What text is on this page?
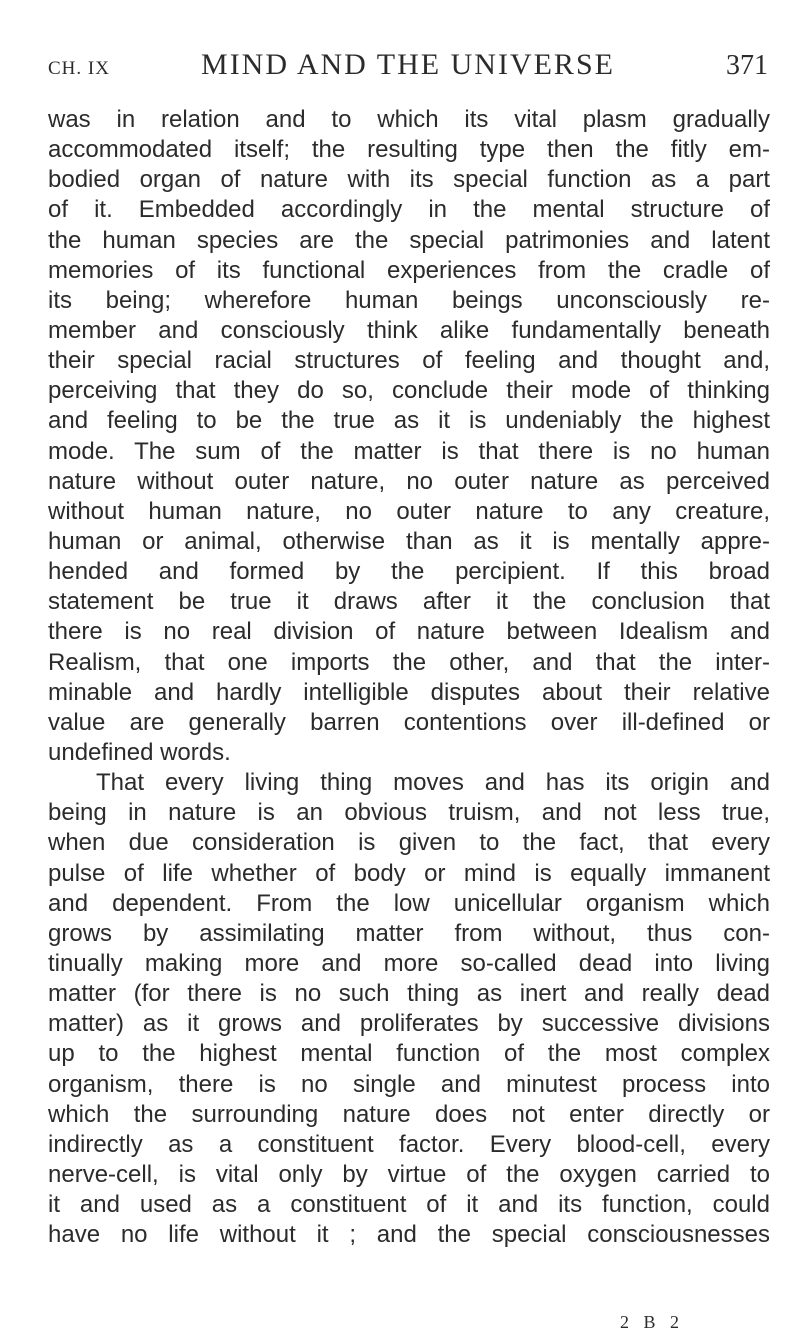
CH. IX	MIND AND THE UNIVERSE	371
was in relation and to which its vital plasm gradually
accommodated itself; the resulting type then the fitly em-
bodied organ of nature with its special function as a part
of it. Embedded accordingly in the mental structure of
the human species are the special patrimonies and latent
memories of its functional experiences from the cradle of
its being; wherefore human beings unconsciously re-
member and consciously think alike fundamentally beneath
their special racial structures of feeling and thought and,
perceiving that they do so, conclude their mode of thinking
and feeling to be the true as it is undeniably the highest
mode. The sum of the matter is that there is no human
nature without outer nature, no outer nature as perceived
without human nature, no outer nature to any creature,
human or animal, otherwise than as it is mentally appre-
hended and formed by the percipient. If this broad
statement be true it draws after it the conclusion that
there is no real division of nature between Idealism and
Realism, that one imports the other, and that the inter-
minable and hardly intelligible disputes about their relative
value are generally barren contentions over ill-defined or
undefined words.
That every living thing moves and has its origin and
being in nature is an obvious truism, and not less true,
when due consideration is given to the fact, that every
pulse of life whether of body or mind is equally immanent
and dependent. From the low unicellular organism which
grows by assimilating matter from without, thus con-
tinually making more and more so-called dead into living
matter (for there is no such thing as inert and really dead
matter) as it grows and proliferates by successive divisions
up to the highest mental function of the most complex
organism, there is no single and minutest process into
which the surrounding nature does not enter directly or
indirectly as a constituent factor. Every blood-cell, every
nerve-cell, is vital only by virtue of the oxygen carried to
it and used as a constituent of it and its function, could
have no life without it ; and the special consciousnesses
2 B 2
